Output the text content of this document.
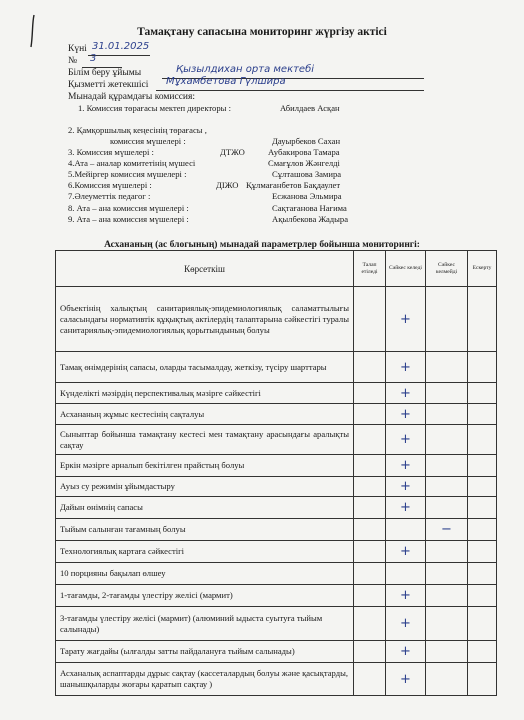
Тамақтану сапасына мониторинг жүргізу актісі
Күні 31.01.2025
№ 3
Білім беру ұйымы	Қызылдихан орта мектебі
Қызметті жетекшісі Мұхамбетова Гүлшира
Мынадай құрамдағы комиссия:
1. Комиссия төрағасы мектеп директоры :	Абилдаев Асқан
2. Қамқоршылық кеңесінің төрағасы ,
комиссия мүшелері :	Дауырбеков Сахан
3. Комиссия мүшелері :	ДТЖО	Аубакирова Тамара
4.Ата – аналар комитетінің мүшесі	Смағұлов Жәнгелді
5.Мейіргер комиссия мүшелері :	Сұлташова Замира
6.Комиссия мүшелері :	ДІЖО Құлмағанбетов Бақдаулет
7.Әлеуметтік педагог :	Есжанова Эльмира
8. Ата – ана комиссия мүшелері :	Сақтағанова Нағима
9. Ата – ана комиссия мүшелері :	Ақылбекова Жадыра
Асхананың (ас блогының) мынадай параметрлер бойынша мониторингі:
Көрсеткіш	Талап етіледі	Сәйкес келеді	Сәйкес келмейді	Ескерту
Объектінің халықтың санитариялық-эпидемиологиялық саламаттылығы саласындағы нормативтік құқықтық актілердің талаптарына сәйкестігі туралы санитариялық-эпидемиологиялық қорытындының болуы		+		
Тамақ өнімдерінің сапасы, оларды тасымалдау, жеткізу, түсіру шарттары		+		
Күнделікті мәзірдің перспективалық мәзірге сәйкестігі		+		
Асхананың жұмыс кестесінің сақталуы		+		
Сыныптар бойынша тамақтану кестесі мен тамақтану арасындағы аралықты сақтау		+		
Еркін мәзірге арналып бекітілген прайстың болуы		+		
Ауыз су режимін ұйымдастыру		+		
Дайын өнімнің сапасы		+		
Тыйым салынған тағамның болуы			−	
Технологиялық картаға сәйкестігі		+		
10 порцияны бақылап өлшеу				
1-тағамды, 2-тағамды үлестіру желісі (мармит)		+		
3-тағамды үлестіру желісі (мармит) (алюминий ыдыста суытуға тыйым салынады)		+		
Тарату жағдайы (ылғалды затты пайдалануға тыйым салынады)		+		
Асханалық аспаптарды дұрыс сақтау (кассеталардың болуы және қасықтарды, шанышқыларды жоғары қаратып сақтау )		+		
